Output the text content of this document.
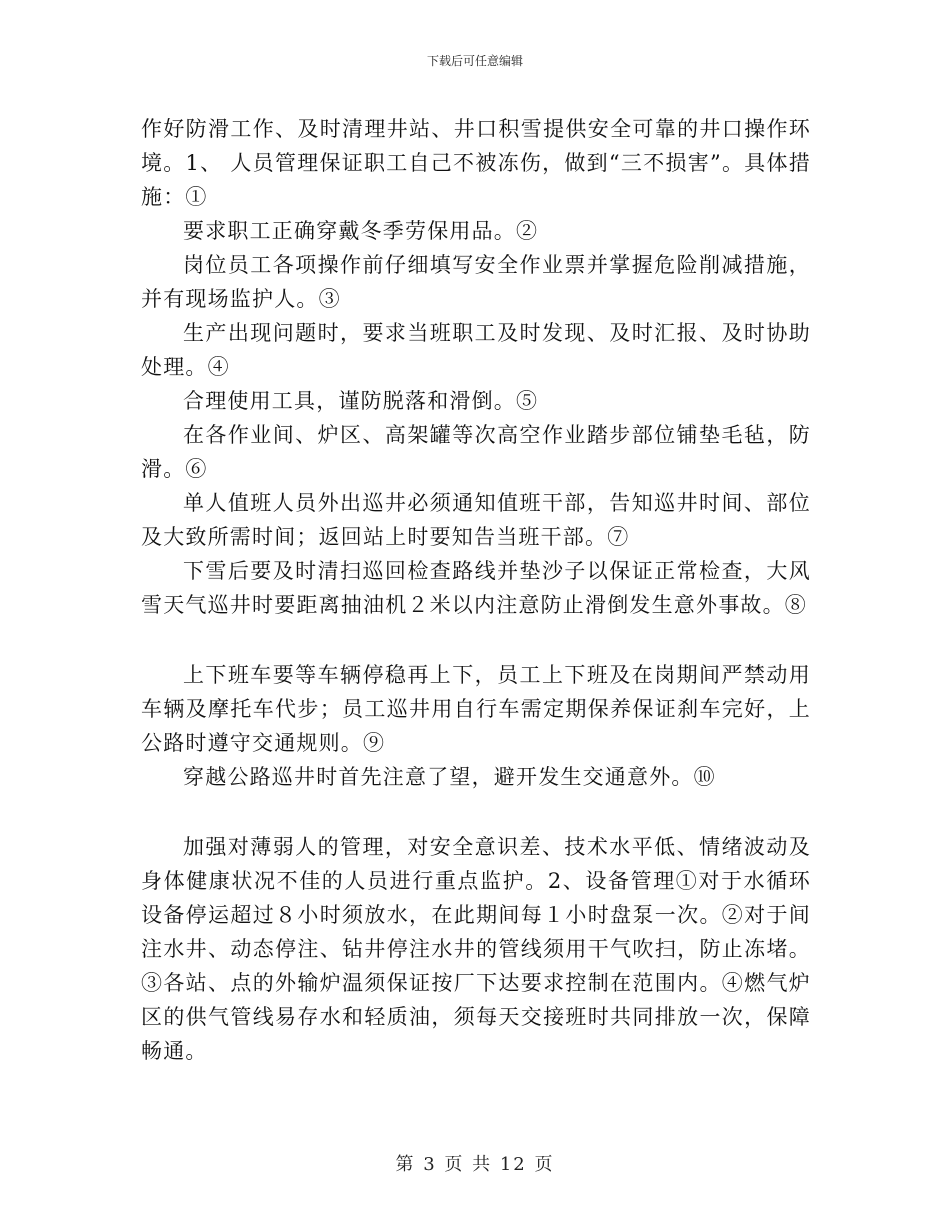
下载后可任意编辑

作好防滑工作、及时清理井站、井口积雪提供安全可靠的井口操作环境。1、 人员管理保证职工自己不被冻伤，做到“三不损害”。具体措施：①

要求职工正确穿戴冬季劳保用品。②

岗位员工各项操作前仔细填写安全作业票并掌握危险削减措施，并有现场监护人。③

生产出现问题时，要求当班职工及时发现、及时汇报、及时协助处理。④

合理使用工具，谨防脱落和滑倒。⑤

在各作业间、炉区、高架罐等次高空作业踏步部位铺垫毛毡，防滑。⑥

单人值班人员外出巡井必须通知值班干部，告知巡井时间、部位及大致所需时间；返回站上时要知告当班干部。⑦

下雪后要及时清扫巡回检查路线并垫沙子以保证正常检查，大风雪天气巡井时要距离抽油机２米以内注意防止滑倒发生意外事故。⑧

上下班车要等车辆停稳再上下，员工上下班及在岗期间严禁动用车辆及摩托车代步；员工巡井用自行车需定期保养保证刹车完好，上公路时遵守交通规则。⑨

穿越公路巡井时首先注意了望，避开发生交通意外。⑩

加强对薄弱人的管理，对安全意识差、技术水平低、情绪波动及身体健康状况不佳的人员进行重点监护。2、设备管理①对于水循环设备停运超过８小时须放水，在此期间每１小时盘泵一次。②对于间注水井、动态停注、钻井停注水井的管线须用干气吹扫，防止冻堵。③各站、点的外输炉温须保证按厂下达要求控制在范围内。④燃气炉区的供气管线易存水和轻质油，须每天交接班时共同排放一次，保障畅通。

第 3 页 共 12 页
